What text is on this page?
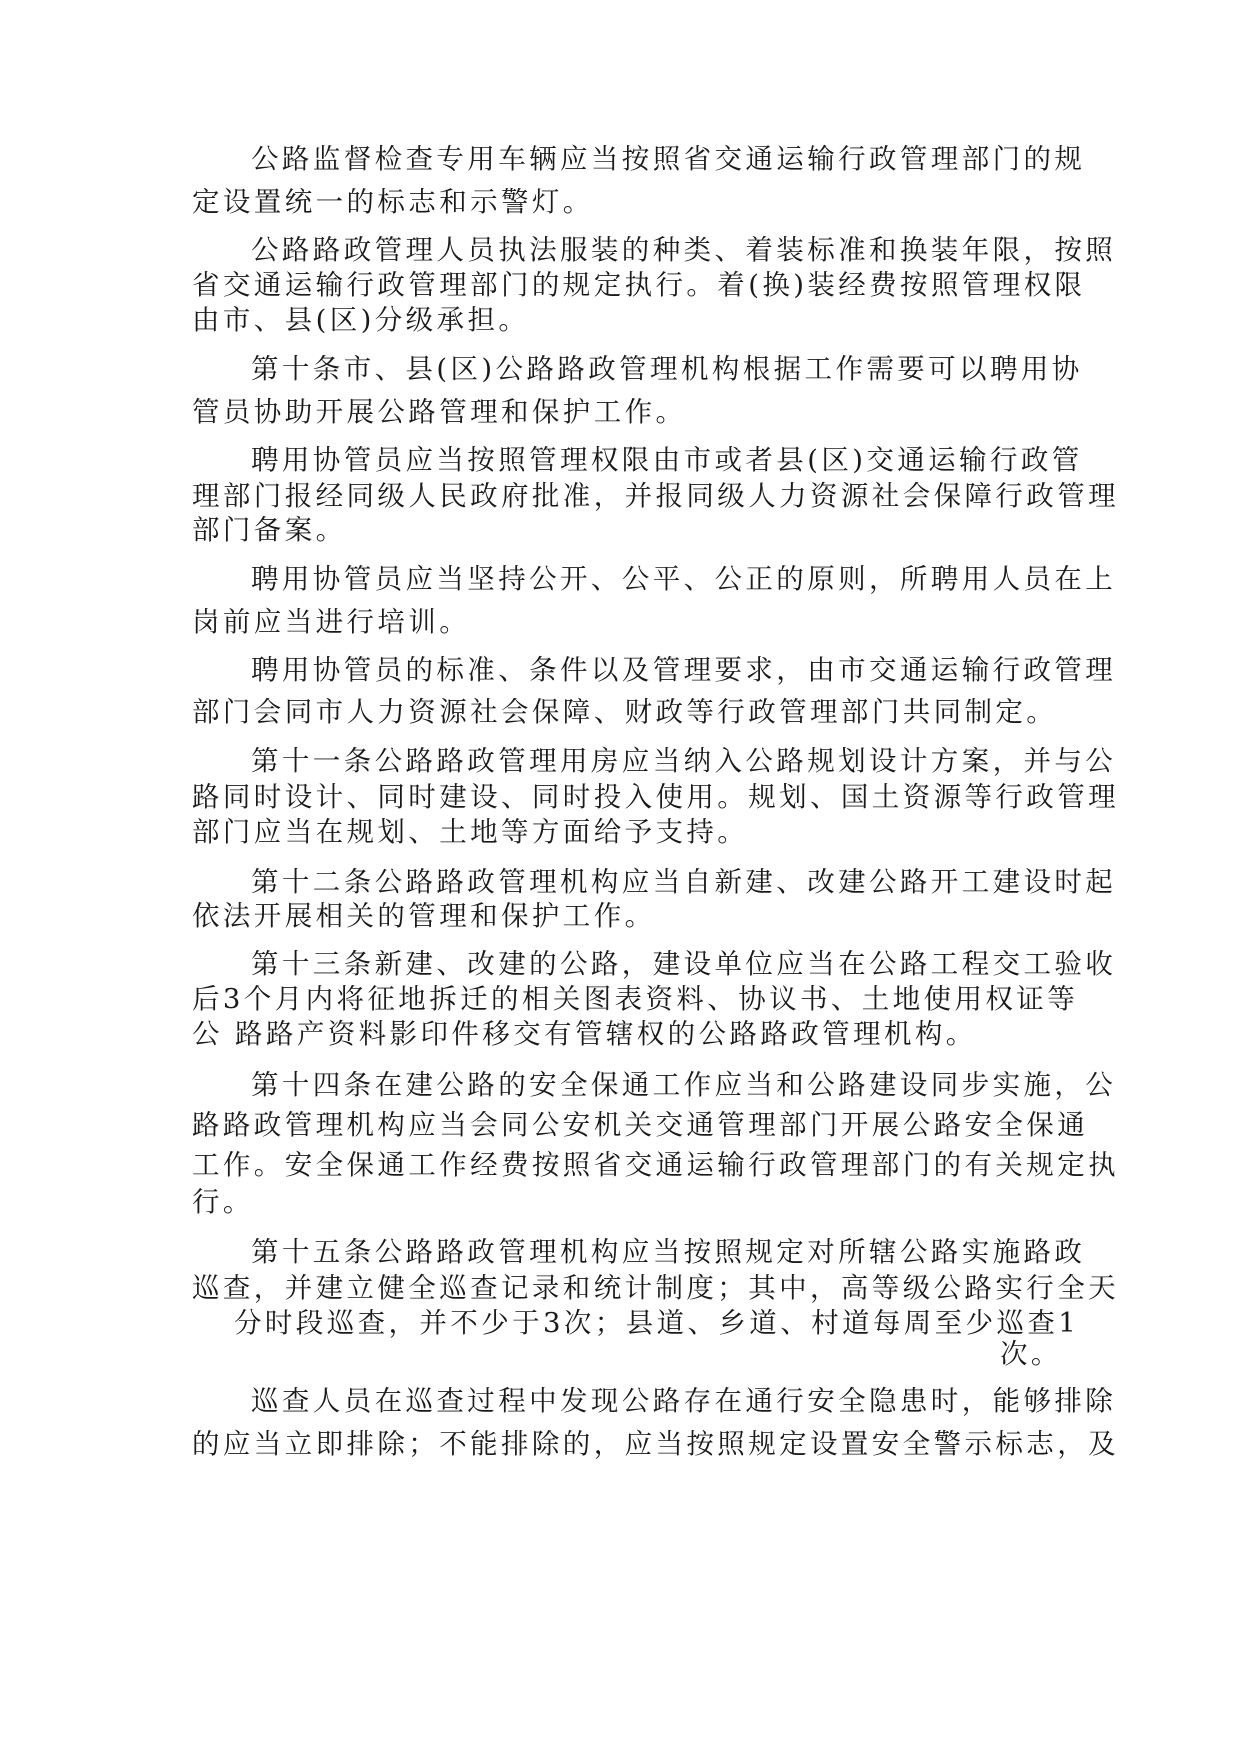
公路监督检查专用车辆应当按照省交通运输行政管理部门的规
定设置统一的标志和示警灯。
公路路政管理人员执法服装的种类、着装标准和换装年限，按照
省交通运输行政管理部门的规定执行。着(换)装经费按照管理权限
由市、县(区)分级承担。
第十条市、县(区)公路路政管理机构根据工作需要可以聘用协
管员协助开展公路管理和保护工作。
聘用协管员应当按照管理权限由市或者县(区)交通运输行政管
理部门报经同级人民政府批准，并报同级人力资源社会保障行政管理
部门备案。
聘用协管员应当坚持公开、公平、公正的原则，所聘用人员在上
岗前应当进行培训。
聘用协管员的标准、条件以及管理要求，由市交通运输行政管理
部门会同市人力资源社会保障、财政等行政管理部门共同制定。
第十一条公路路政管理用房应当纳入公路规划设计方案，并与公
路同时设计、同时建设、同时投入使用。规划、国土资源等行政管理
部门应当在规划、土地等方面给予支持。
第十二条公路路政管理机构应当自新建、改建公路开工建设时起
依法开展相关的管理和保护工作。
第十三条新建、改建的公路，建设单位应当在公路工程交工验收
后3个月内将征地拆迁的相关图表资料、协议书、土地使用权证等
公 路路产资料影印件移交有管辖权的公路路政管理机构。
第十四条在建公路的安全保通工作应当和公路建设同步实施，公
路路政管理机构应当会同公安机关交通管理部门开展公路安全保通
工作。安全保通工作经费按照省交通运输行政管理部门的有关规定执
行。
第十五条公路路政管理机构应当按照规定对所辖公路实施路政
巡查，并建立健全巡查记录和统计制度；其中，高等级公路实行全天
分时段巡查，并不少于3次；县道、乡道、村道每周至少巡查1
次。
巡查人员在巡查过程中发现公路存在通行安全隐患时，能够排除
的应当立即排除；不能排除的，应当按照规定设置安全警示标志，及
